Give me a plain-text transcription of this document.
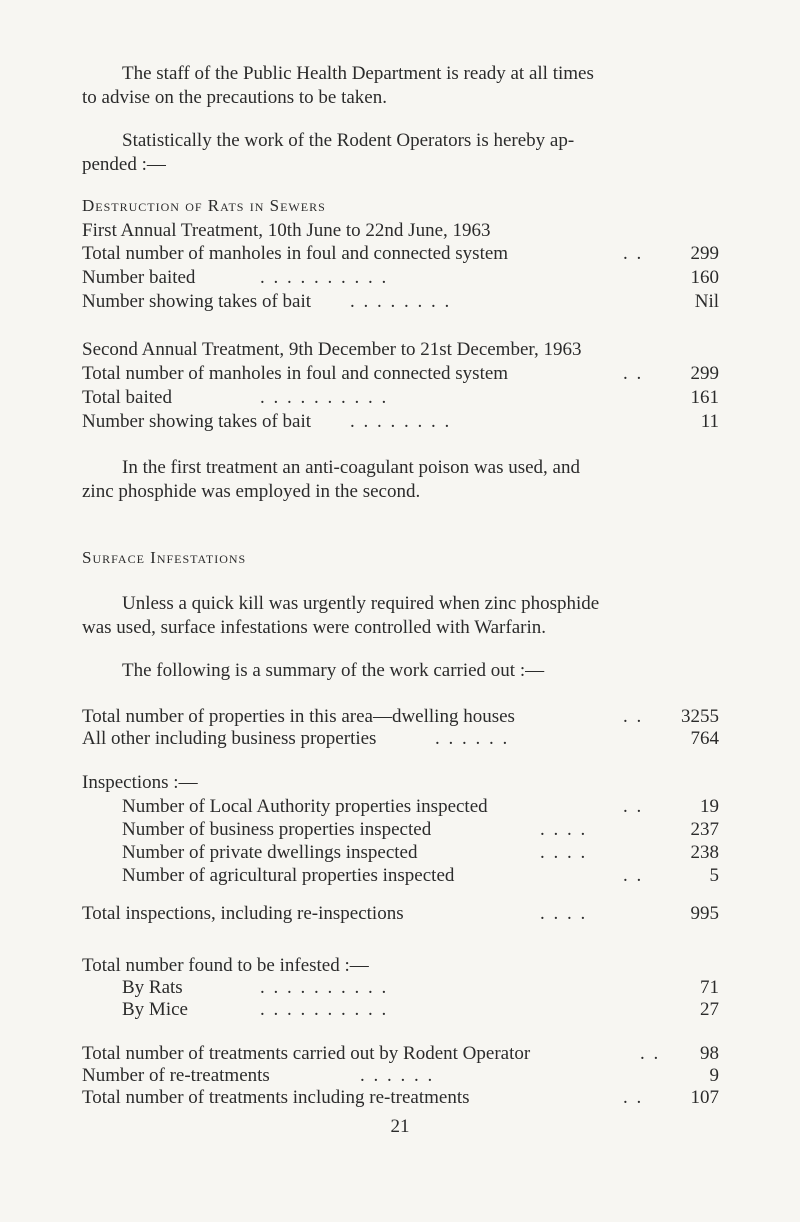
The staff of the Public Health Department is ready at all times
to advise on the precautions to be taken.
Statistically the work of the Rodent Operators is hereby ap-
pended :—
Destruction of Rats in Sewers
First Annual Treatment, 10th June to 22nd June, 1963
Total number of manholes in foul and connected system	. .	299
Number baited	. . . . . . . . . .	160
Number showing takes of bait . . . . . . . .	Nil
Second Annual Treatment, 9th December to 21st December, 1963
Total number of manholes in foul and connected system	. .	299
Total baited	. . . . . . . . . .	161
Number showing takes of bait . . . . . . . .	11
In the first treatment an anti-coagulant poison was used, and
zinc phosphide was employed in the second.
Surface Infestations
Unless a quick kill was urgently required when zinc phosphide
was used, surface infestations were controlled with Warfarin.
The following is a summary of the work carried out :—
Total number of properties in this area—dwelling houses	. .	3255
All other including business properties	. . . . . .	764
Inspections :—
Number of Local Authority properties inspected	. .	19
Number of business properties inspected	. . . .	237
Number of private dwellings inspected	. . . .	238
Number of agricultural properties inspected	. .	5
Total inspections, including re-inspections	. . . .	995
Total number found to be infested :—
By Rats	. . . . . . . . . .	71
By Mice	. . . . . . . . . .	27
Total number of treatments carried out by Rodent Operator	. .	98
Number of re-treatments	. . . . . .	9
Total number of treatments including re-treatments	. .	107
21
